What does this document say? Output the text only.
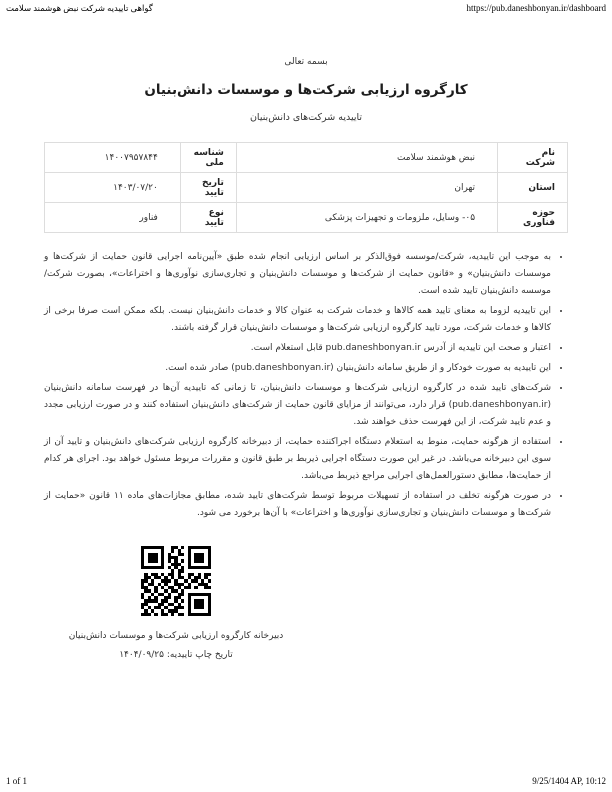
گواهی تاییدیه شرکت نبض هوشمند سلامت	https://pub.daneshbonyan.ir/dashboard
بسمه تعالی
کارگروه ارزیابی شرکت‌ها و موسسات دانش‌بنیان
تاییدیه شرکت‌های دانش‌بنیان
نام شرکت	نبض هوشمند سلامت	شناسه ملی	۱۴۰۰۷۹۵۷۸۴۴
استان	تهران	تاریخ تایید	۱۴۰۳/۰۷/۲۰
حوزه فناوری	۰۵- وسایل، ملزومات و تجهیزات پزشکی	نوع تایید	فناور
• به موجب این تاییدیه، شرکت/موسسه فوق‌الذکر بر اساس ارزیابی انجام شده طبق «آیین‌نامه اجرایی قانون حمایت از شرکت‌ها و موسسات دانش‌بنیان» و «قانون حمایت از شرکت‌ها و موسسات دانش‌بنیان و تجاری‌سازی نوآوری‌ها و اختراعات»، بصورت شرکت/موسسه دانش‌بنیان تایید شده است.
• این تاییدیه لزوما به معنای تایید همه کالاها و خدمات شرکت به عنوان کالا و خدمات دانش‌بنیان نیست. بلکه ممکن است صرفا برخی از کالاها و خدمات شرکت، مورد تایید کارگروه ارزیابی شرکت‌ها و موسسات دانش‌بنیان قرار گرفته باشند.
• اعتبار و صحت این تاییدیه از آدرس pub.daneshbonyan.ir قابل استعلام است.
• این تاییدیه به صورت خودکار و از طریق سامانه دانش‌بنیان (pub.daneshbonyan.ir) صادر شده است.
• شرکت‌های تایید شده در کارگروه ارزیابی شرکت‌ها و موسسات دانش‌بنیان، تا زمانی که تاییدیه آن‌ها در فهرست سامانه دانش‌بنیان (pub.daneshbonyan.ir) قرار دارد، می‌توانند از مزایای قانون حمایت از شرکت‌های دانش‌بنیان استفاده کنند و در صورت ارزیابی مجدد و عدم تایید شرکت، از این فهرست حذف خواهند شد.
• استفاده از هرگونه حمایت، منوط به استعلام دستگاه اجراکننده حمایت، از دبیرخانه کارگروه ارزیابی شرکت‌های دانش‌بنیان و تایید آن از سوی این دبیرخانه می‌باشد. در غیر این صورت دستگاه اجرایی ذیربط بر طبق قانون و مقررات مربوط مسئول خواهد بود. اجرای هر کدام از حمایت‌ها، مطابق دستورالعمل‌های اجرایی مراجع ذیربط می‌باشد.
• در صورت هرگونه تخلف در استفاده از تسهیلات مربوط توسط شرکت‌های تایید شده، مطابق مجازات‌های ماده ۱۱ قانون «حمایت از شرکت‌ها و موسسات دانش‌بنیان و تجاری‌سازی نوآوری‌ها و اختراعات» با آن‌ها برخورد می شود.
دبیرخانه کارگروه ارزیابی شرکت‌ها و موسسات دانش‌بنیان
تاریخ چاپ تاییدیه: ۱۴۰۴/۰۹/۲۵
1 of 1	9/25/1404 AP, 10:12
